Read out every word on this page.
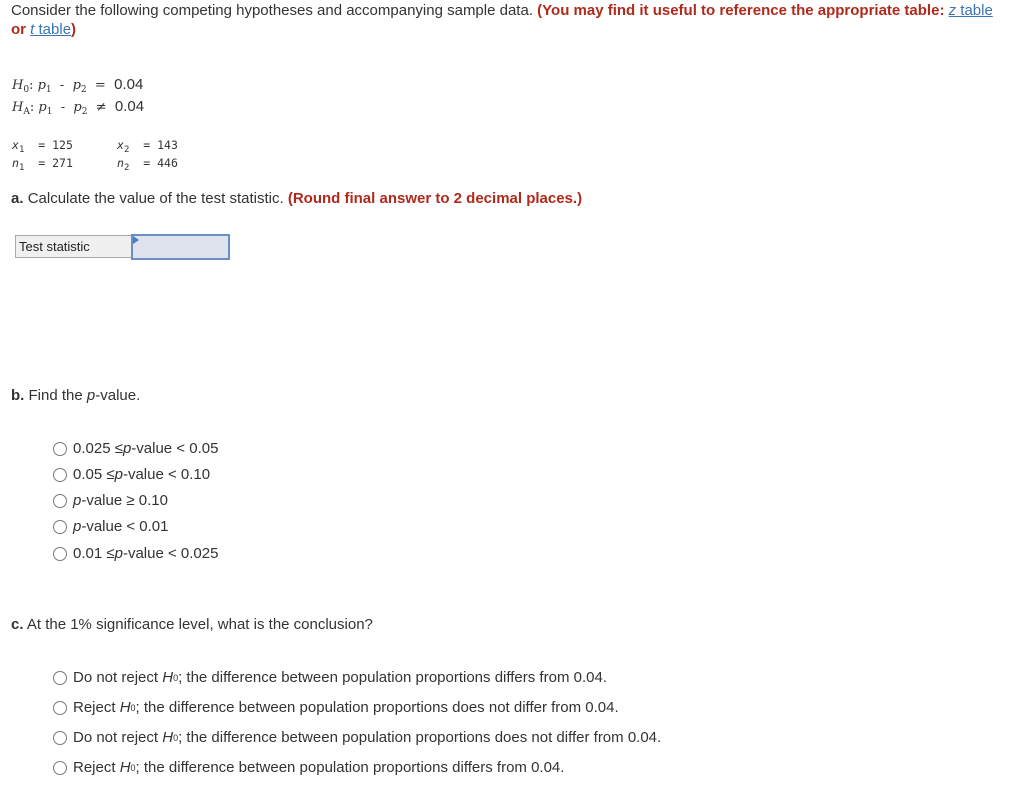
Consider the following competing hypotheses and accompanying sample data. (You may find it useful to reference the appropriate table: z table or t table)
$H_0$: $p_1 - p_2 = 0.04$
$H_A$: $p_1 - p_2 \ne 0.04$
$x_1 = 125$	$x_2 = 143$
$n_1 = 271$	$n_2 = 446$
a. Calculate the value of the test statistic. (Round final answer to 2 decimal places.)
Test statistic
b. Find the p-value.
0.025 ≤ p -value < 0.05
0.05 ≤ p -value < 0.10
p -value ≥ 0.10
p -value < 0.01
0.01 ≤ p -value < 0.025
c. At the 1% significance level, what is the conclusion?
Do not reject H 0 ; the difference between population proportions differs from 0.04.
Reject H 0 ; the difference between population proportions does not differ from 0.04.
Do not reject H 0 ; the difference between population proportions does not differ from 0.04.
Reject H 0 ; the difference between population proportions differs from 0.04.
